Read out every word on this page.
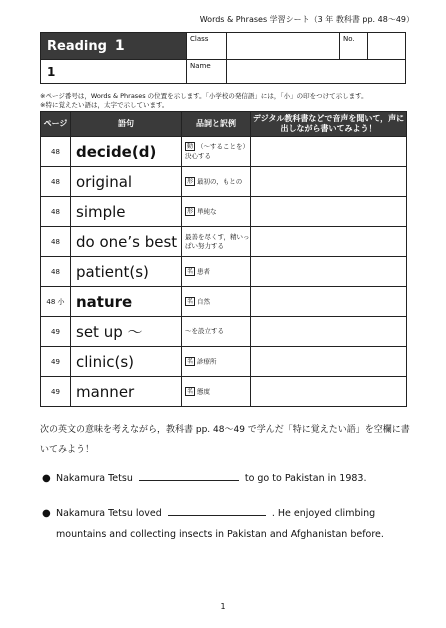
Words & Phrases 学習シート（3 年 教科書 pp. 48～49）
Reading 1
1
Class	No.
Name
※ページ番号は，Words & Phrases の位置を示します。「小学校の発信語」には，「小」の印をつけて示します。
※特に覚えたい語は，太字で示しています。
ページ	語句	品詞と訳例	デジタル教科書などで音声を聞いて，声に出しながら書いてみよう！
48	decide(d)	動 （～することを）決心する	
48	original	形 最初の，もとの	
48	simple	形 単純な	
48	do one’s best	最善を尽くす，精いっぱい努力する	
48	patient(s)	名 患者	
48 小	nature	名 自然	
49	set up ～	～を設立する	
49	clinic(s)	名 診療所	
49	manner	名 態度	
次の英文の意味を考えながら，教科書 pp. 48～49 で学んだ「特に覚えたい語」を空欄に書いてみよう！
● Nakamura Tetsu	to go to Pakistan in 1983.
● Nakamura Tetsu loved	. He enjoyed climbing mountains and collecting insects in Pakistan and Afghanistan before.
1
